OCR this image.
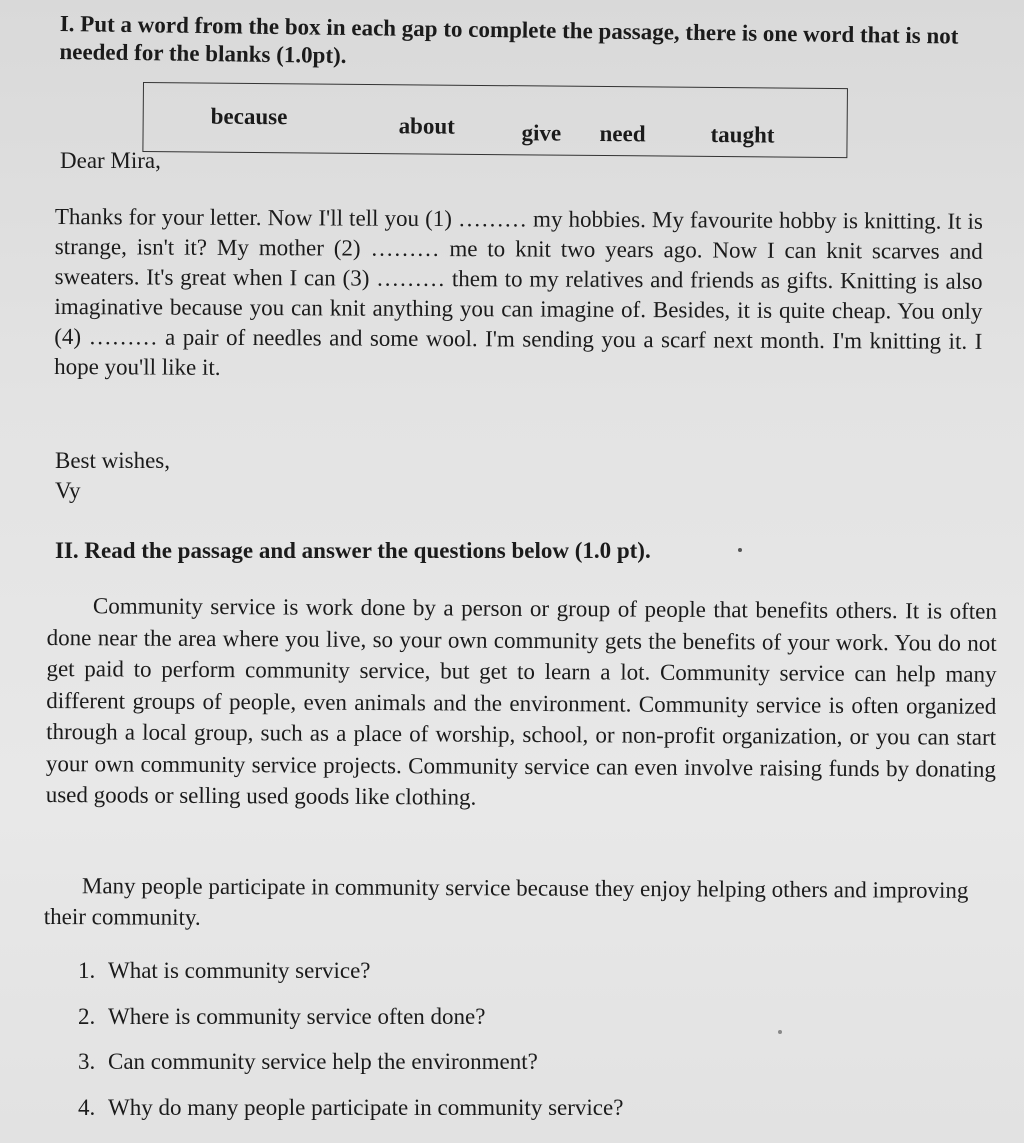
I. Put a word from the box in each gap to complete the passage, there is one word that is not needed for the blanks (1.0pt).
because	about	give need	taught
Dear Mira,

Thanks for your letter. Now I'll tell you (1) ……… my hobbies. My favourite hobby is knitting. It is strange, isn't it? My mother (2) ……… me to knit two years ago. Now I can knit scarves and sweaters. It's great when I can (3) ……… them to my relatives and friends as gifts. Knitting is also imaginative because you can knit anything you can imagine of. Besides, it is quite cheap. You only (4) ……… a pair of needles and some wool. I'm sending you a scarf next month. I'm knitting it. I hope you'll like it.

Best wishes,
Vy
II. Read the passage and answer the questions below (1.0 pt).

Community service is work done by a person or group of people that benefits others. It is often done near the area where you live, so your own community gets the benefits of your work. You do not get paid to perform community service, but get to learn a lot. Community service can help many different groups of people, even animals and the environment. Community service is often organized through a local group, such as a place of worship, school, or non-profit organization, or you can start your own community service projects. Community service can even involve raising funds by donating used goods or selling used goods like clothing.

Many people participate in community service because they enjoy helping others and improving their community.

1. What is community service?
2. Where is community service often done?
3. Can community service help the environment?
4. Why do many people participate in community service?
